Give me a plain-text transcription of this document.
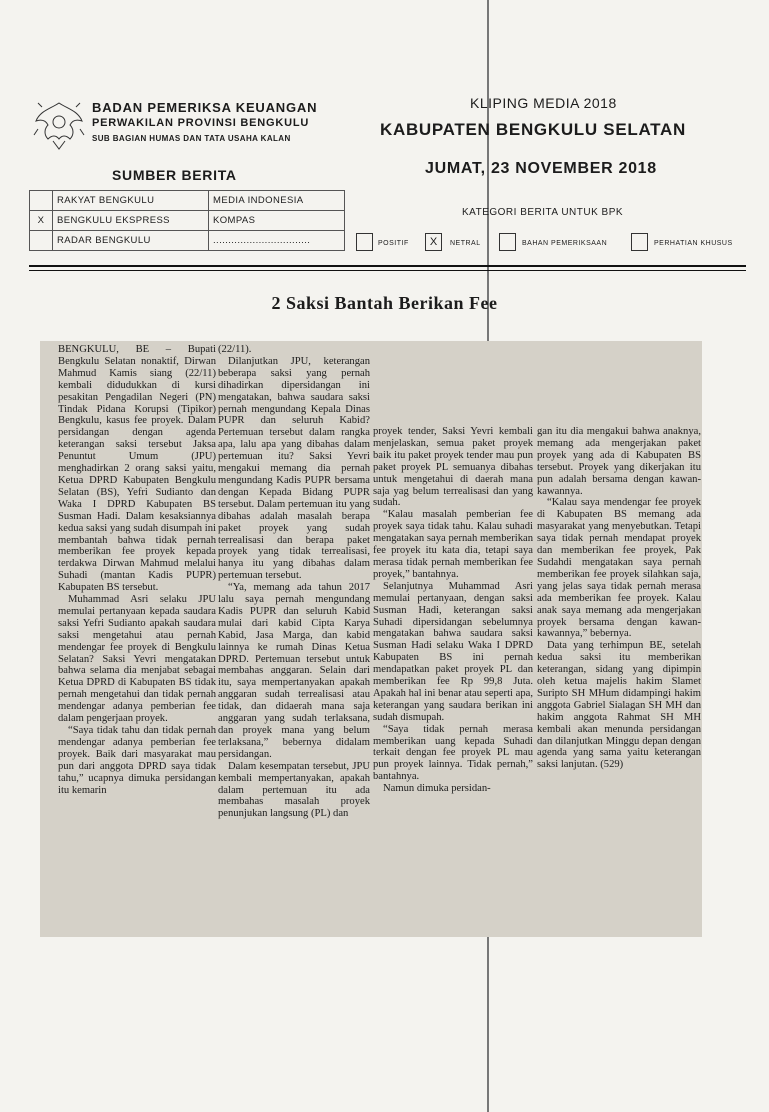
BADAN PEMERIKSA KEUANGAN
PERWAKILAN PROVINSI BENGKULU
SUB BAGIAN HUMAS DAN TATA USAHA KALAN
KLIPING MEDIA 2018
KABUPATEN BENGKULU SELATAN
JUMAT, 23 NOVEMBER 2018
SUMBER BERITA
	RAKYAT BENGKULU	MEDIA INDONESIA
X	BENGKULU EKSPRESS	KOMPAS
	RADAR BENGKULU	................................
KATEGORI BERITA UNTUK BPK
POSITIF	X	NETRAL	BAHAN PEMERIKSAAN	PERHATIAN KHUSUS
2 Saksi Bantah Berikan Fee

BENGKULU, BE – Bupati Bengkulu Selatan nonaktif, Dirwan Mahmud Kamis siang (22/11) kembali didudukkan di kursi pesakitan Pengadilan Negeri (PN) Tindak Pidana Korupsi (Tipikor) Bengkulu, kasus fee proyek. Dalam persidangan dengan agenda keterangan saksi tersebut Jaksa Penuntut Umum (JPU) menghadirkan 2 orang saksi yaitu, Ketua DPRD Kabupaten Bengkulu Selatan (BS), Yefri Sudianto dan Waka I DPRD Kabupaten BS Susman Hadi. Dalam kesaksiannya kedua saksi yang sudah disumpah ini membantah bahwa tidak pernah memberikan fee proyek kepada terdakwa Dirwan Mahmud melalui Suhadi (mantan Kadis PUPR) Kabupaten BS tersebut.

Muhammad Asri selaku JPU memulai pertanyaan kepada saudara saksi Yefri Sudianto apakah saudara saksi mengetahui atau pernah mendengar fee proyek di Bengkulu Selatan? Saksi Yevri mengatakan bahwa selama dia menjabat sebagai Ketua DPRD di Kabupaten BS tidak pernah mengetahui dan tidak pernah mendengar adanya pemberian fee dalam pengerjaan proyek.

“Saya tidak tahu dan tidak pernah mendengar adanya pemberian fee proyek. Baik dari masyarakat mau pun dari anggota DPRD saya tidak tahu,” ucapnya dimuka persidangan itu kemarin

(22/11).

Dilanjutkan JPU, keterangan beberapa saksi yang pernah dihadirkan dipersidangan ini mengatakan, bahwa saudara saksi pernah mengundang Kepala Dinas PUPR dan seluruh Kabid? Pertemuan tersebut dalam rangka apa, lalu apa yang dibahas dalam pertemuan itu? Saksi Yevri mengakui memang dia pernah mengundang Kadis PUPR bersama dengan Kepada Bidang PUPR tersebut. Dalam pertemuan itu yang dibahas adalah masalah berapa paket proyek yang sudah terrealisasi dan berapa paket proyek yang tidak terrealisasi, hanya itu yang dibahas dalam pertemuan tersebut.

“Ya, memang ada tahun 2017 lalu saya pernah mengundang Kadis PUPR dan seluruh Kabid mulai dari kabid Cipta Karya Kabid, Jasa Marga, dan kabid lainnya ke rumah Dinas Ketua DPRD. Pertemuan tersebut untuk membahas anggaran. Selain dari itu, saya mempertanyakan apakah anggaran sudah terrealisasi atau tidak, dan didaerah mana saja anggaran yang sudah terlaksana, dan proyek mana yang belum terlaksana,” bebernya didalam persidangan.

Dalam kesempatan tersebut, JPU kembali mempertanyakan, apakah dalam pertemuan itu ada membahas masalah proyek penunjukan langsung (PL) dan

proyek tender, Saksi Yevri kembali menjelaskan, semua paket proyek baik itu paket proyek tender mau pun paket proyek PL semuanya dibahas untuk mengetahui di daerah mana saja yag belum terrealisasi dan yang sudah.

“Kalau masalah pemberian fee proyek saya tidak tahu. Kalau suhadi mengatakan saya pernah memberikan fee proyek itu kata dia, tetapi saya merasa tidak pernah memberikan fee proyek,” bantahnya.

Selanjutnya Muhammad Asri memulai pertanyaan, dengan saksi Susman Hadi, keterangan saksi Suhadi dipersidangan sebelumnya mengatakan bahwa saudara saksi Susman Hadi selaku Waka I DPRD Kabupaten BS ini pernah mendapatkan paket proyek PL dan memberikan fee Rp 99,8 Juta. Apakah hal ini benar atau seperti apa, keterangan yang saudara berikan ini sudah dismupah.

“Saya tidak pernah merasa memberikan uang kepada Suhadi terkait dengan fee proyek PL mau pun proyek lainnya. Tidak pernah,” bantahnya.

Namun dimuka persidan-

gan itu dia mengakui bahwa anaknya, memang ada mengerjakan paket proyek yang ada di Kabupaten BS tersebut. Proyek yang dikerjakan itu pun adalah bersama dengan kawan-kawannya.

“Kalau saya mendengar fee proyek di Kabupaten BS memang ada masyarakat yang menyebutkan. Tetapi saya tidak pernah mendapat proyek dan memberikan fee proyek, Pak Sudahdi mengatakan saya pernah memberikan fee proyek silahkan saja, yang jelas saya tidak pernah merasa ada memberikan fee proyek. Kalau anak saya memang ada mengerjakan proyek bersama dengan kawan-kawannya,” bebernya.

Data yang terhimpun BE, setelah kedua saksi itu memberikan keterangan, sidang yang dipimpin oleh ketua majelis hakim Slamet Suripto SH MHum didampingi hakim anggota Gabriel Sialagan SH MH dan hakim anggota Rahmat SH MH kembali akan menunda persidangan dan dilanjutkan Minggu depan dengan agenda yang sama yaitu keterangan saksi lanjutan. (529)
